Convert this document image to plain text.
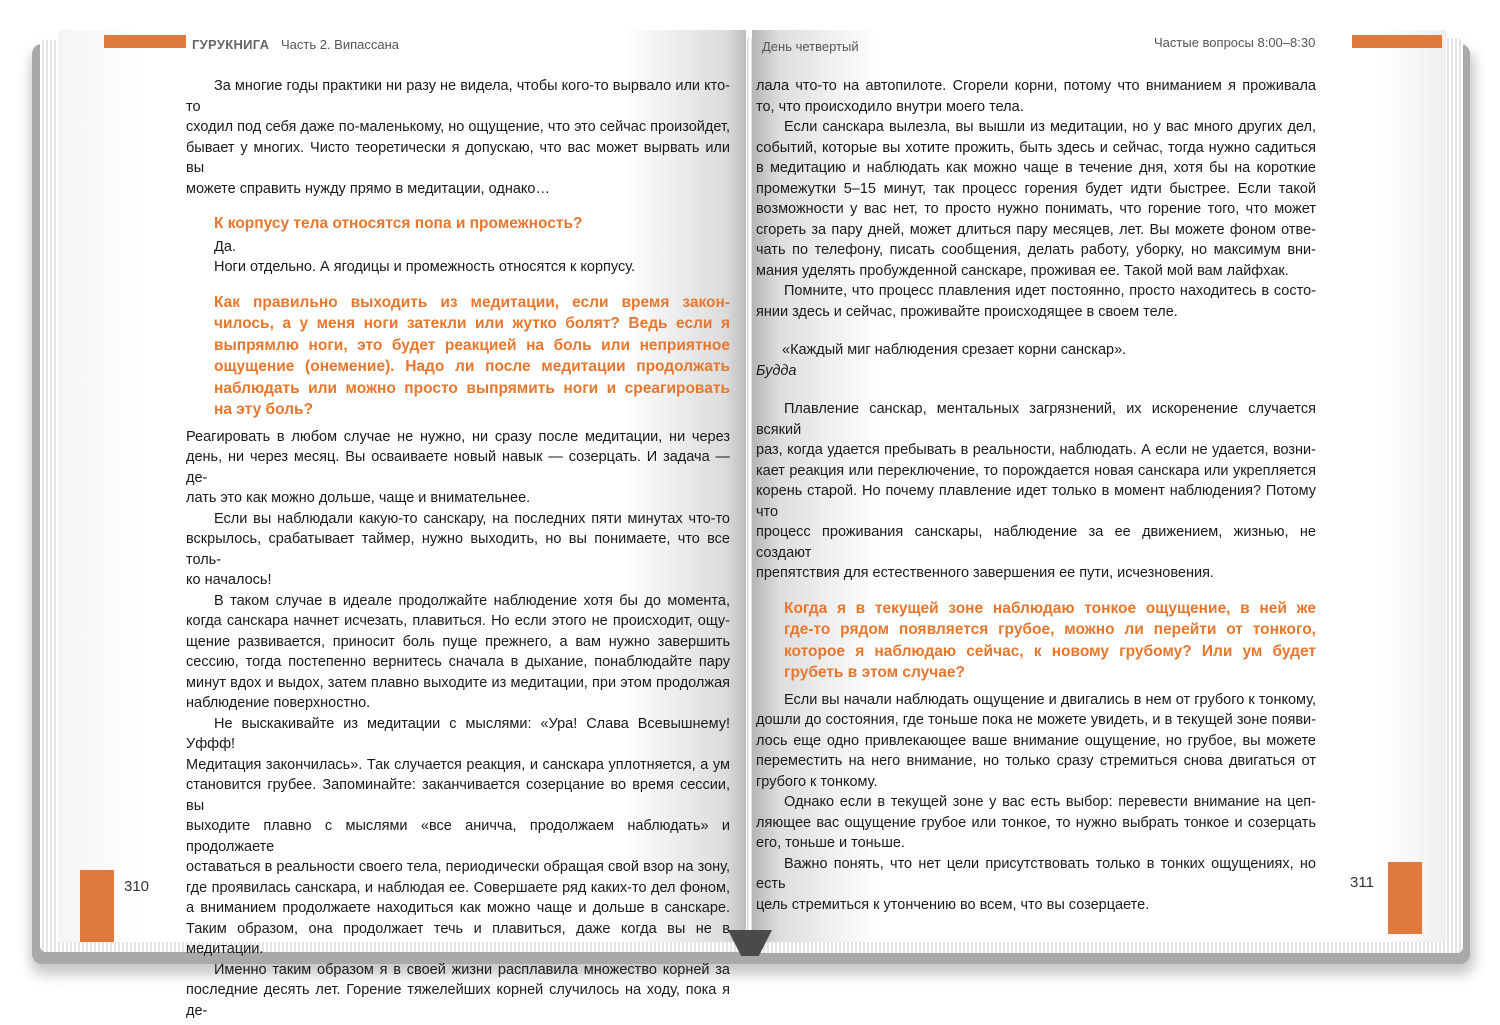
ГУРУКНИГА Часть 2. Випассана

За многие годы практики ни разу не видела, чтобы кого-то вырвало или кто-то

сходил под себя даже по-маленькому, но ощущение, что это сейчас произойдет,

бывает у многих. Чисто теоретически я допускаю, что вас может вырвать или вы

можете справить нужду прямо в медитации, однако…

К корпусу тела относятся попа и промежность?

Да.

Ноги отдельно. А ягодицы и промежность относятся к корпусу.

Как правильно выходить из медитации, если время закон-

чилось, а у меня ноги затекли или жутко болят? Ведь если я

выпрямлю ноги, это будет реакцией на боль или неприятное

ощущение (онемение). Надо ли после медитации продолжать

наблюдать или можно просто выпрямить ноги и среагировать

на эту боль?

Реагировать в любом случае не нужно, ни сразу после медитации, ни через

день, ни через месяц. Вы осваиваете новый навык — созерцать. И задача — де-

лать это как можно дольше, чаще и внимательнее.

Если вы наблюдали какую-то санскару, на последних пяти минутах что-то

вскрылось, срабатывает таймер, нужно выходить, но вы понимаете, что все толь-

ко началось!

В таком случае в идеале продолжайте наблюдение хотя бы до момента,

когда санскара начнет исчезать, плавиться. Но если этого не происходит, ощу-

щение развивается, приносит боль пуще прежнего, а вам нужно завершить

сессию, тогда постепенно вернитесь сначала в дыхание, понаблюдайте пару

минут вдох и выдох, затем плавно выходите из медитации, при этом продолжая

наблюдение поверхностно.

Не выскакивайте из медитации с мыслями: «Ура! Слава Всевышнему! Уффф!

Медитация закончилась». Так случается реакция, и санскара уплотняется, а ум

становится грубее. Запоминайте: заканчивается созерцание во время сессии, вы

выходите плавно с мыслями «все аничча, продолжаем наблюдать» и продолжаете

оставаться в реальности своего тела, периодически обращая свой взор на зону,

где проявилась санскара, и наблюдая ее. Совершаете ряд каких-то дел фоном,

а вниманием продолжаете находиться как можно чаще и дольше в санскаре.

Таким образом, она продолжает течь и плавиться, даже когда вы не в медитации.

Именно таким образом я в своей жизни расплавила множество корней за

последние десять лет. Горение тяжелейших корней случилось на ходу, пока я де-

310
День четвертый	Частые вопросы 8:00–8:30

лала что-то на автопилоте. Сгорели корни, потому что вниманием я проживала

то, что происходило внутри моего тела.

Если санскара вылезла, вы вышли из медитации, но у вас много других дел,

событий, которые вы хотите прожить, быть здесь и сейчас, тогда нужно садиться

в медитацию и наблюдать как можно чаще в течение дня, хотя бы на короткие

промежутки 5–15 минут, так процесс горения будет идти быстрее. Если такой

возможности у вас нет, то просто нужно понимать, что горение того, что может

сгореть за пару дней, может длиться пару месяцев, лет. Вы можете фоном отве-

чать по телефону, писать сообщения, делать работу, уборку, но максимум вни-

мания уделять пробужденной санскаре, проживая ее. Такой мой вам лайфхак.

Помните, что процесс плавления идет постоянно, просто находитесь в состо-

янии здесь и сейчас, проживайте происходящее в своем теле.

«Каждый миг наблюдения срезает корни санскар».

Будда

Плавление санскар, ментальных загрязнений, их искоренение случается всякий

раз, когда удается пребывать в реальности, наблюдать. А если не удается, возни-

кает реакция или переключение, то порождается новая санскара или укрепляется

корень старой. Но почему плавление идет только в момент наблюдения? Потому что

процесс проживания санскары, наблюдение за ее движением, жизнью, не создают

препятствия для естественного завершения ее пути, исчезновения.

Когда я в текущей зоне наблюдаю тонкое ощущение, в ней же

где-то рядом появляется грубое, можно ли перейти от тонкого,

которое я наблюдаю сейчас, к новому грубому? Или ум будет

грубеть в этом случае?

Если вы начали наблюдать ощущение и двигались в нем от грубого к тонкому,

дошли до состояния, где тоньше пока не можете увидеть, и в текущей зоне появи-

лось еще одно привлекающее ваше внимание ощущение, но грубое, вы можете

переместить на него внимание, но только сразу стремиться снова двигаться от

грубого к тонкому.

Однако если в текущей зоне у вас есть выбор: перевести внимание на цеп-

ляющее вас ощущение грубое или тонкое, то нужно выбрать тонкое и созерцать

его, тоньше и тоньше.

Важно понять, что нет цели присутствовать только в тонких ощущениях, но есть

цель стремиться к утончению во всем, что вы созерцаете.

311
